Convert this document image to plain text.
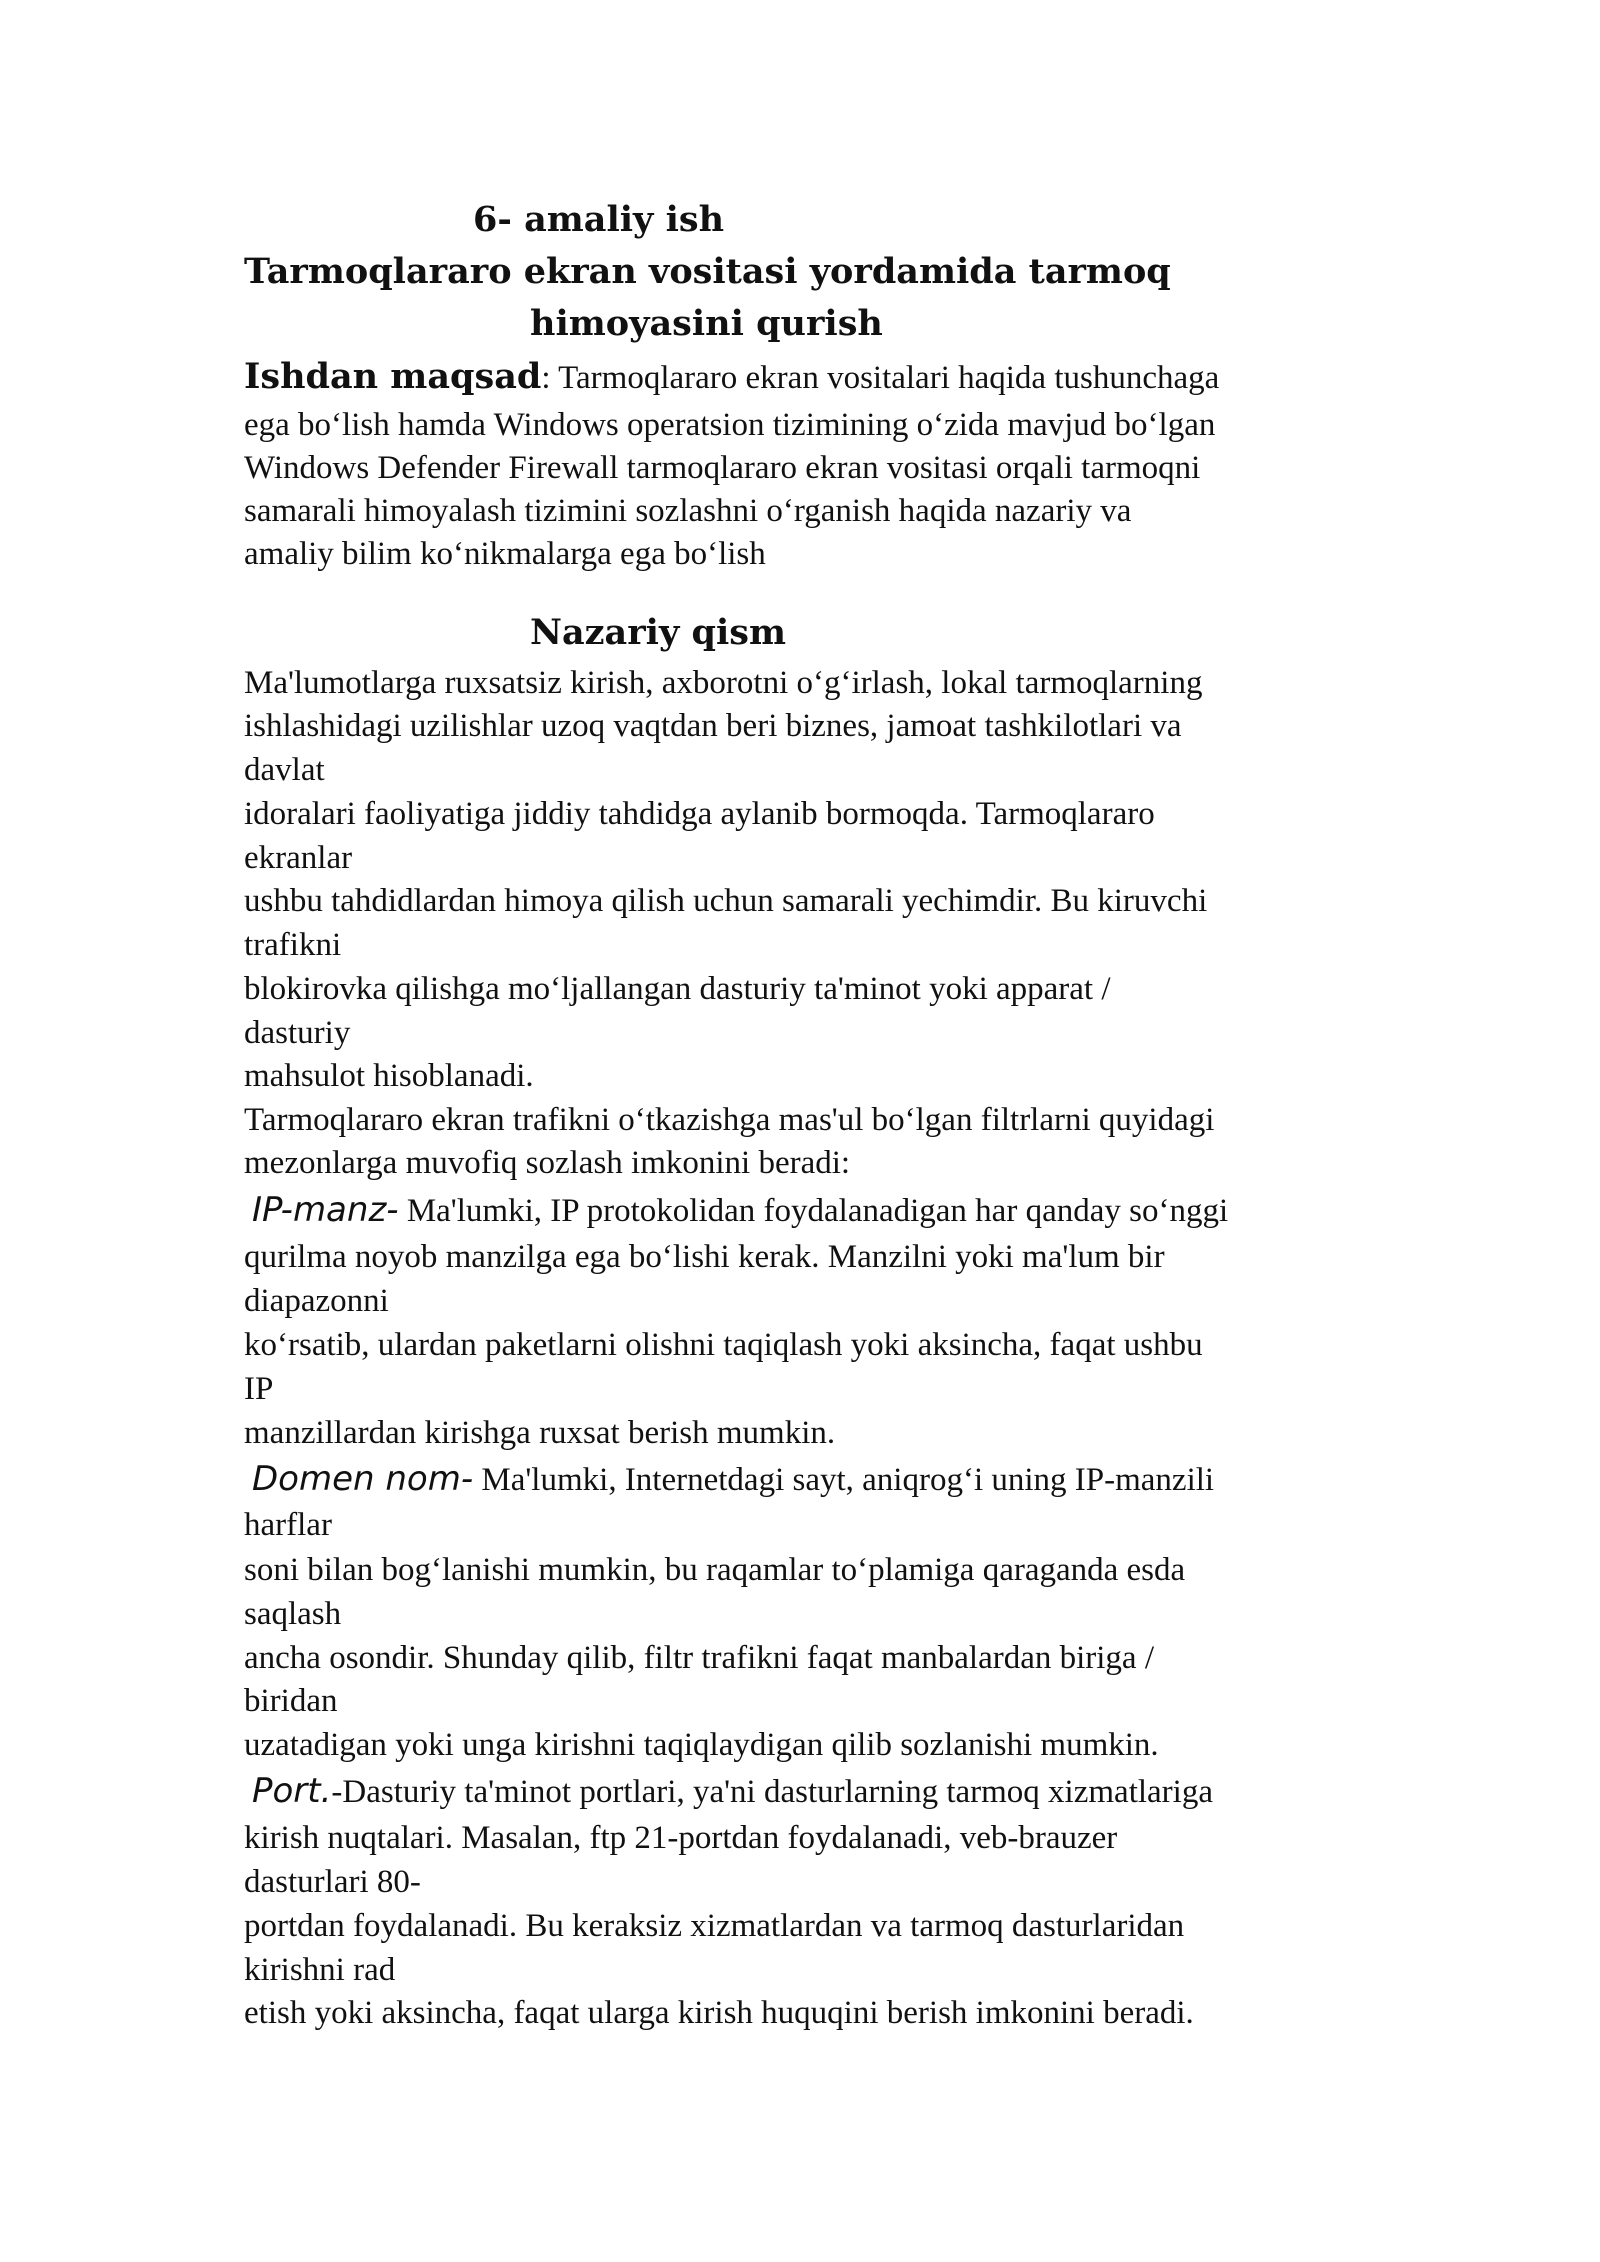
6- amaliy ish
Tarmoqlararo ekran vositasi yordamida tarmoq
himoyasini qurish
Ishdan maqsad: Tarmoqlararo ekran vositalari haqida tushunchaga
ega bo‘lish hamda Windows operatsion tizimining o‘zida mavjud bo‘lgan
Windows Defender Firewall tarmoqlararo ekran vositasi orqali tarmoqni
samarali himoyalash tizimini sozlashni o‘rganish haqida nazariy va
amaliy bilim ko‘nikmalarga ega bo‘lish
Nazariy qism
Ma'lumotlarga ruxsatsiz kirish, axborotni o‘g‘irlash, lokal tarmoqlarning
ishlashidagi uzilishlar uzoq vaqtdan beri biznes, jamoat tashkilotlari va
davlat
idoralari faoliyatiga jiddiy tahdidga aylanib bormoqda. Tarmoqlararo
ekranlar
ushbu tahdidlardan himoya qilish uchun samarali yechimdir. Bu kiruvchi
trafikni
blokirovka qilishga mo‘ljallangan dasturiy ta'minot yoki apparat /
dasturiy
mahsulot hisoblanadi.
Tarmoqlararo ekran trafikni o‘tkazishga mas'ul bo‘lgan filtrlarni quyidagi
mezonlarga muvofiq sozlash imkonini beradi:
IP-manz- Ma'lumki, IP protokolidan foydalanadigan har qanday so‘nggi
qurilma noyob manzilga ega bo‘lishi kerak. Manzilni yoki ma'lum bir
diapazonni
ko‘rsatib, ulardan paketlarni olishni taqiqlash yoki aksincha, faqat ushbu
IP
manzillardan kirishga ruxsat berish mumkin.
Domen nom- Ma'lumki, Internetdagi sayt, aniqrog‘i uning IP-manzili
harflar
soni bilan bog‘lanishi mumkin, bu raqamlar to‘plamiga qaraganda esda
saqlash
ancha osondir. Shunday qilib, filtr trafikni faqat manbalardan biriga /
biridan
uzatadigan yoki unga kirishni taqiqlaydigan qilib sozlanishi mumkin.
Port.-Dasturiy ta'minot portlari, ya'ni dasturlarning tarmoq xizmatlariga
kirish nuqtalari. Masalan, ftp 21-portdan foydalanadi, veb-brauzer
dasturlari 80-
portdan foydalanadi. Bu keraksiz xizmatlardan va tarmoq dasturlaridan
kirishni rad
etish yoki aksincha, faqat ularga kirish huquqini berish imkonini beradi.
